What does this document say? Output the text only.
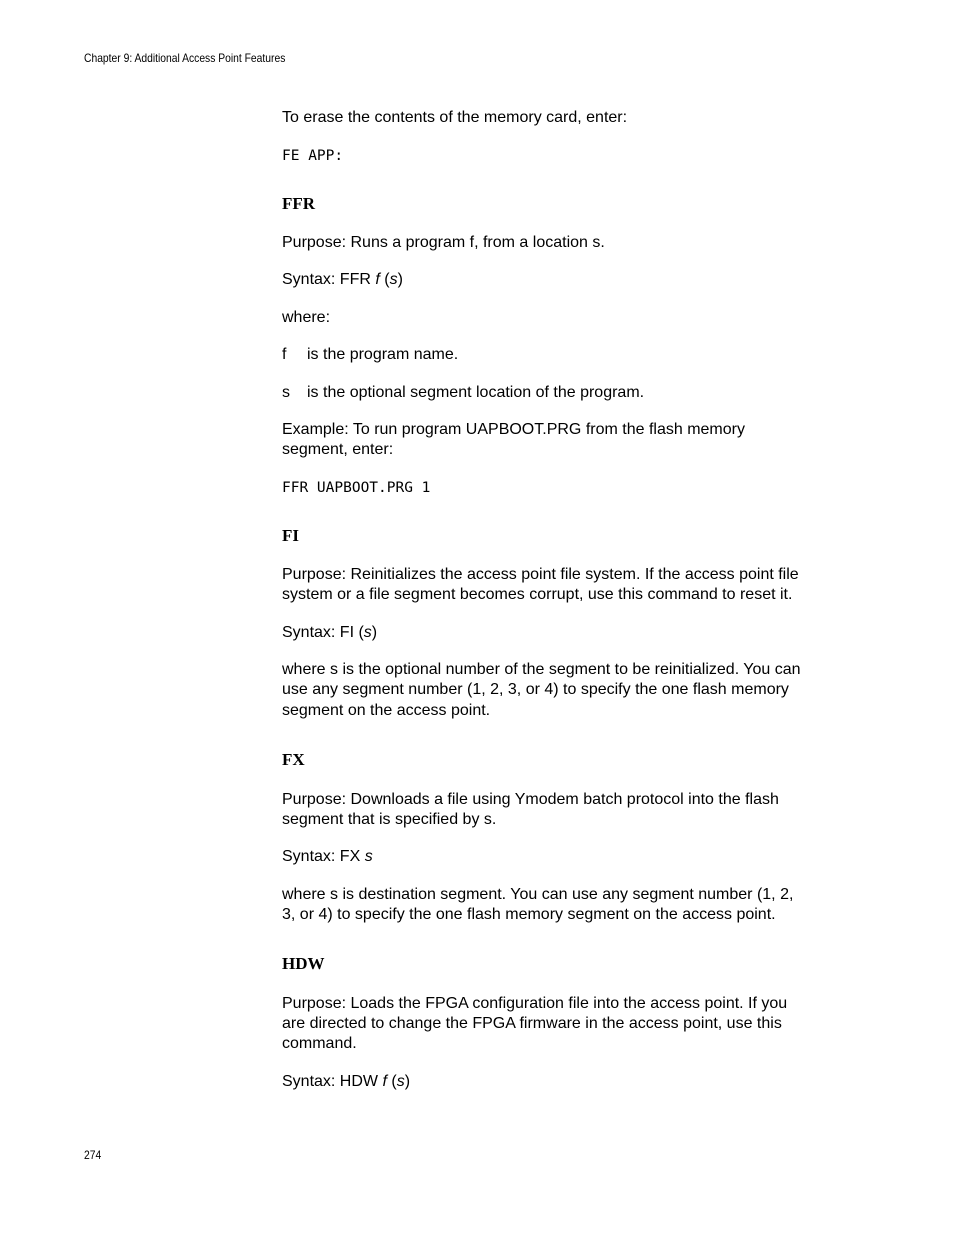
Chapter 9: Additional Access Point Features
To erase the contents of the memory card, enter:
FE APP:
FFR
Purpose: Runs a program f, from a location s.
Syntax: FFR f (s)
where:
f is the program name.
s is the optional segment location of the program.
Example: To run program UAPBOOT.PRG from the flash memory
segment, enter:
FFR UAPBOOT.PRG 1
FI
Purpose: Reinitializes the access point file system. If the access point file
system or a file segment becomes corrupt, use this command to reset it.
Syntax: FI (s)
where s is the optional number of the segment to be reinitialized. You can
use any segment number (1, 2, 3, or 4) to specify the one flash memory
segment on the access point.
FX
Purpose: Downloads a file using Ymodem batch protocol into the flash
segment that is specified by s.
Syntax: FX s
where s is destination segment. You can use any segment number (1, 2,
3, or 4) to specify the one flash memory segment on the access point.
HDW
Purpose: Loads the FPGA configuration file into the access point. If you
are directed to change the FPGA firmware in the access point, use this
command.
Syntax: HDW f (s)
274
